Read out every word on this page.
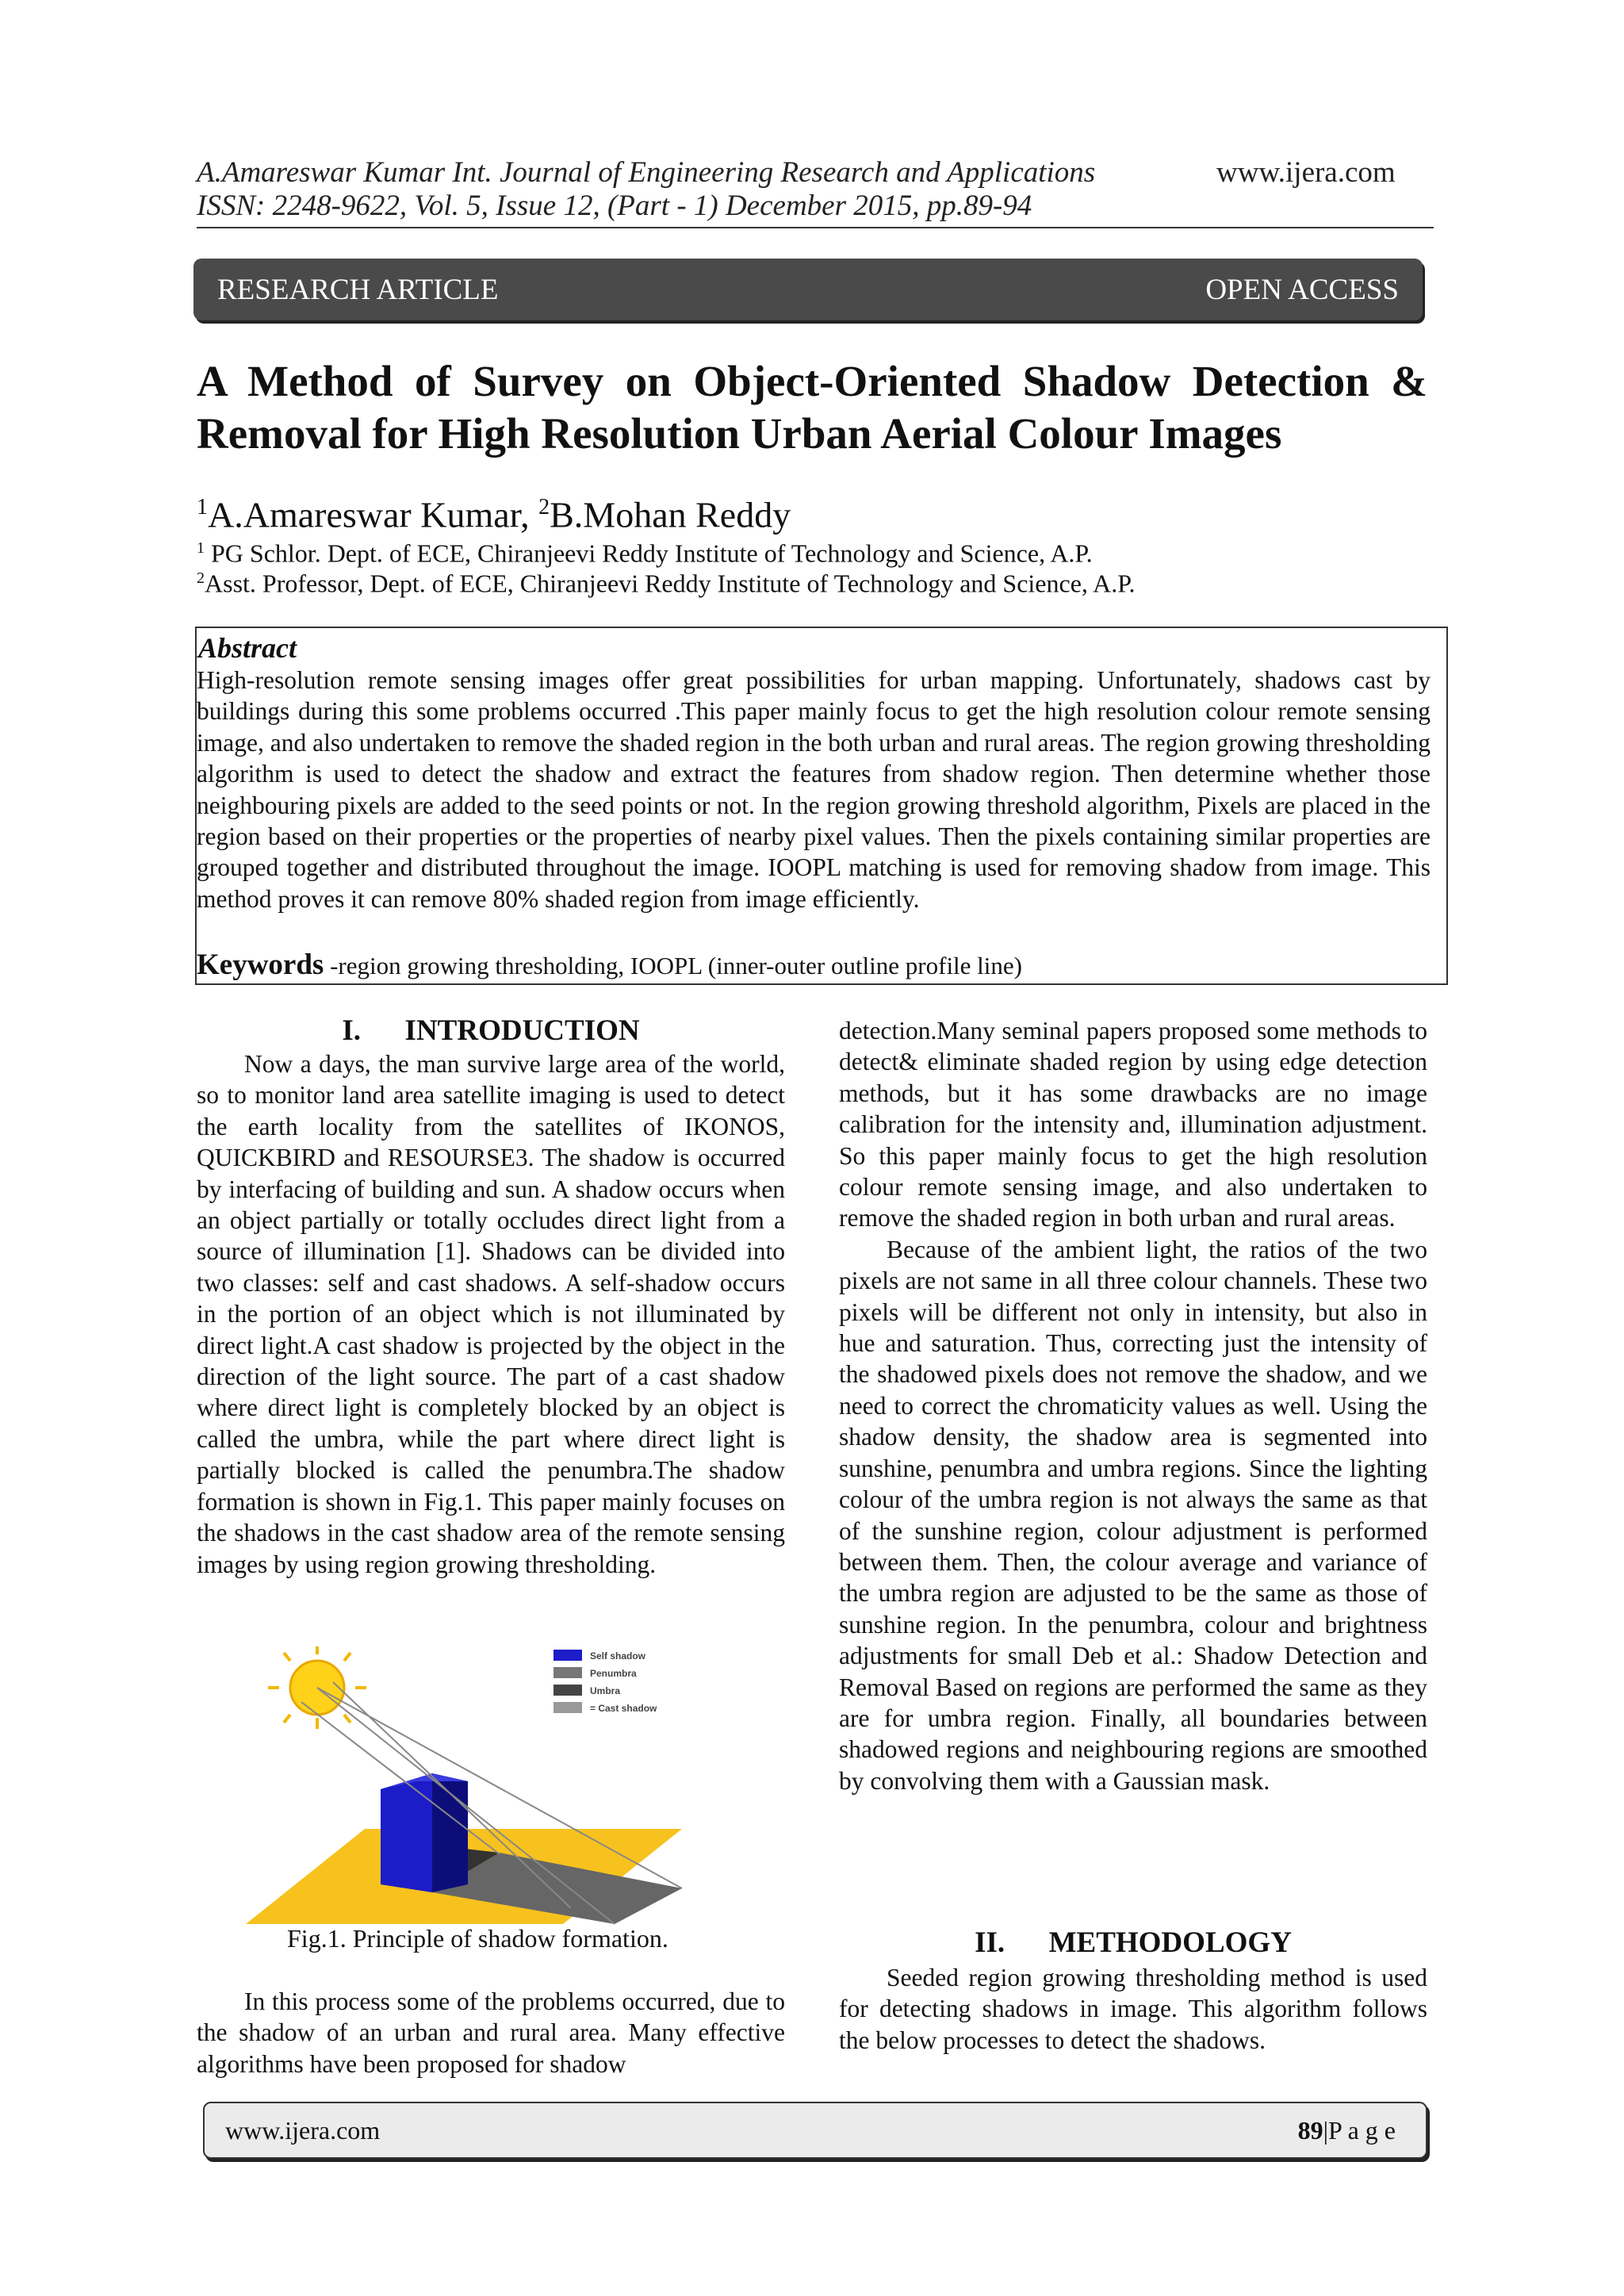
A.Amareswar Kumar Int. Journal of Engineering Research and Applications	www.ijera.com
ISSN: 2248-9622, Vol. 5, Issue 12, (Part - 1) December 2015, pp.89-94
RESEARCH ARTICLE	OPEN ACCESS
A Method of Survey on Object-Oriented Shadow Detection & Removal for High Resolution Urban Aerial Colour Images
$^1$A.Amareswar Kumar, $^2$B.Mohan Reddy
$^1$ PG Schlor. Dept. of ECE, Chiranjeevi Reddy Institute of Technology and Science, A.P.
$^2$Asst. Professor, Dept. of ECE, Chiranjeevi Reddy Institute of Technology and Science, A.P.
Abstract
High-resolution remote sensing images offer great possibilities for urban mapping. Unfortunately, shadows cast by buildings during this some problems occurred .This paper mainly focus to get the high resolution colour remote sensing image, and also undertaken to remove the shaded region in the both urban and rural areas. The region growing thresholding algorithm is used to detect the shadow and extract the features from shadow region. Then determine whether those neighbouring pixels are added to the seed points or not. In the region growing threshold algorithm, Pixels are placed in the region based on their properties or the properties of nearby pixel values. Then the pixels containing similar properties are grouped together and distributed throughout the image. IOOPL matching is used for removing shadow from image. This method proves it can remove 80% shaded region from image efficiently.
Keywords -region growing thresholding, IOOPL (inner-outer outline profile line)
I.      INTRODUCTION

Now a days, the man survive large area of the world, so to monitor land area satellite imaging is used to detect the earth locality from the satellites of IKONOS, QUICKBIRD and RESOURSE3. The shadow is occurred by interfacing of building and sun. A shadow occurs when an object partially or totally occludes direct light from a source of illumination [1]. Shadows can be divided into two classes: self and cast shadows. A self-shadow occurs in the portion of an object which is not illuminated by direct light.A cast shadow is projected by the object in the direction of the light source. The part of a cast shadow where direct light is completely blocked by an object is called the umbra, while the part where direct light is partially blocked is called the penumbra.The shadow formation is shown in Fig.1. This paper mainly focuses on the shadows in the cast shadow area of the remote sensing images by using region growing thresholding.

Self shadow
Penumbra
Umbra
= Cast shadow
Fig.1. Principle of shadow formation.

In this process some of the problems occurred, due to the shadow of an urban and rural area. Many effective algorithms have been proposed for shadow

detection.Many seminal papers proposed some methods to detect& eliminate shaded region by using edge detection methods, but it has some drawbacks are no image calibration for the intensity and, illumination adjustment. So this paper mainly focus to get the high resolution colour remote sensing image, and also undertaken to remove the shaded region in both urban and rural areas.

Because of the ambient light, the ratios of the two pixels are not same in all three colour channels. These two pixels will be different not only in intensity, but also in hue and saturation. Thus, correcting just the intensity of the shadowed pixels does not remove the shadow, and we need to correct the chromaticity values as well. Using the shadow density, the shadow area is segmented into sunshine, penumbra and umbra regions. Since the lighting colour of the umbra region is not always the same as that of the sunshine region, colour adjustment is performed between them. Then, the colour average and variance of the umbra region are adjusted to be the same as those of sunshine region. In the penumbra, colour and brightness adjustments for small Deb et al.: Shadow Detection and Removal Based on regions are performed the same as they are for umbra region. Finally, all boundaries between shadowed regions and neighbouring regions are smoothed by convolving them with a Gaussian mask.

II.      METHODOLOGY

Seeded region growing thresholding method is used for detecting shadows in image. This algorithm follows the below processes to detect the shadows.

www.ijera.com	89|P a g e
